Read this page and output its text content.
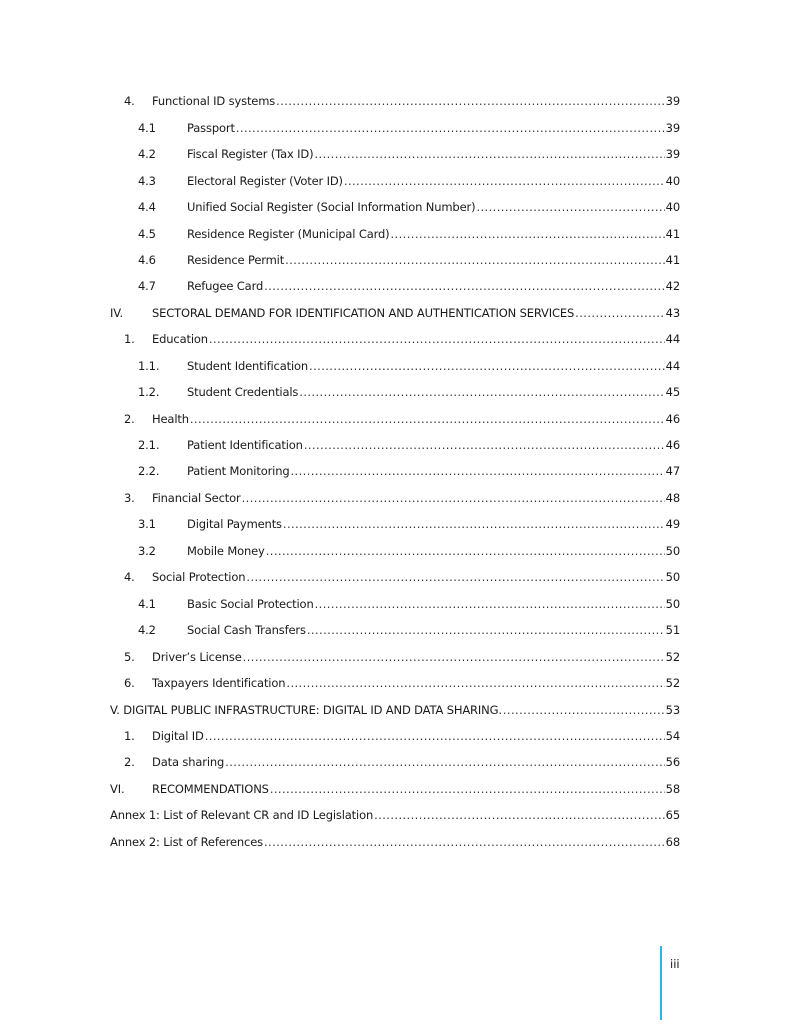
4. Functional ID systems .....	39
4.1	Passport .....	39
4.2	Fiscal Register (Tax ID) .....	39
4.3	Electoral Register (Voter ID) .....	40
4.4	Unified Social Register (Social Information Number) .....	40
4.5	Residence Register (Municipal Card) .....	41
4.6	Residence Permit .....	41
4.7	Refugee Card .....	42
IV.	SECTORAL DEMAND FOR IDENTIFICATION AND AUTHENTICATION SERVICES .....	43
1. Education .....	44
1.1. Student Identification .....	44
1.2. Student Credentials .....	45
2. Health .....	46
2.1. Patient Identification .....	46
2.2. Patient Monitoring .....	47
3. Financial Sector .....	48
3.1	Digital Payments .....	49
3.2	Mobile Money .....	50
4. Social Protection .....	50
4.1	Basic Social Protection .....	50
4.2	Social Cash Transfers .....	51
5. Driver’s License .....	52
6. Taxpayers Identification .....	52
V. DIGITAL PUBLIC INFRASTRUCTURE: DIGITAL ID AND DATA SHARING. .....	53
1. Digital ID .....	54
2. Data sharing .....	56
VI. RECOMMENDATIONS .....	58
Annex 1: List of Relevant CR and ID Legislation .....	65
Annex 2: List of References .....	68
iii
